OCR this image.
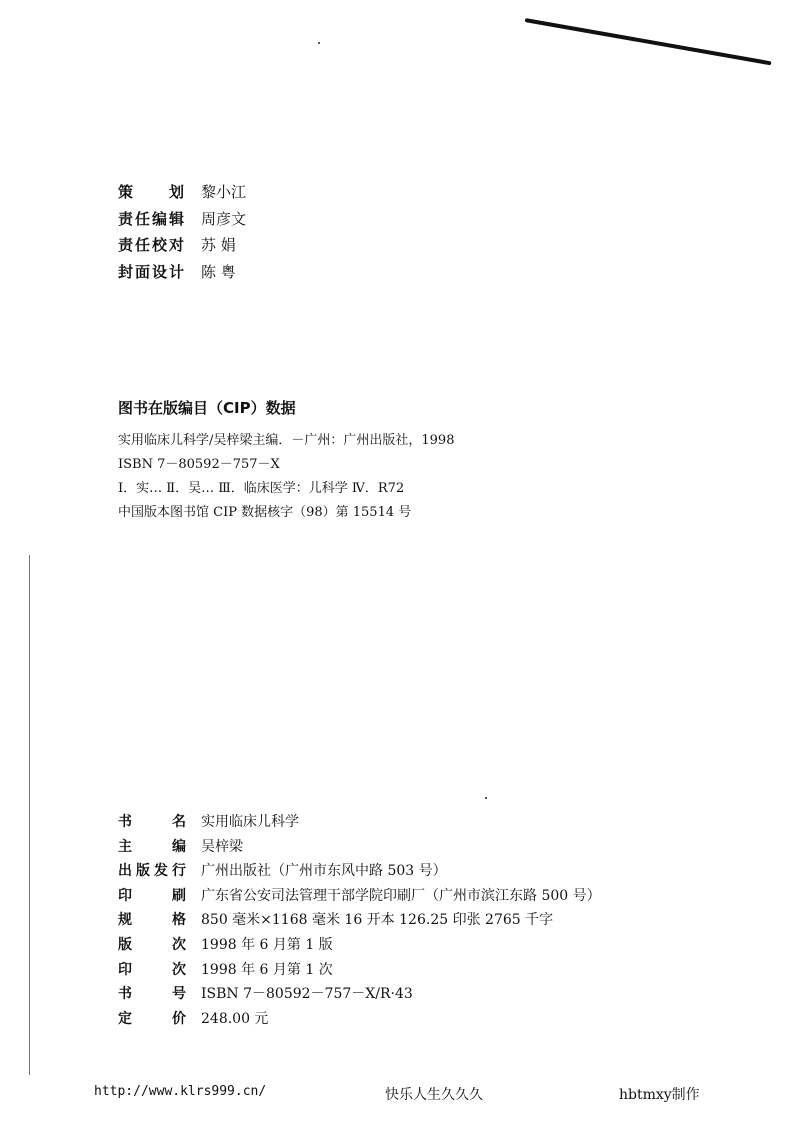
策划 黎小江
责任编辑 周彦文
责任校对 苏 娟
封面设计 陈 粤
图书在版编目（CIP）数据
实用临床儿科学/吴梓梁主编．－广州：广州出版社，1998
ISBN 7－80592－757－X
Ⅰ．实… Ⅱ．吴… Ⅲ．临床医学：儿科学 Ⅳ．R72
中国版本图书馆 CIP 数据核字（98）第 15514 号
书名 实用临床儿科学
主编 吴梓梁
出版发行 广州出版社（广州市东风中路 503 号）
印刷 广东省公安司法管理干部学院印刷厂（广州市滨江东路 500 号）
规格 850 毫米×1168 毫米 16 开本 126.25 印张 2765 千字
版次 1998 年 6 月第 1 版
印次 1998 年 6 月第 1 次
书号 ISBN 7－80592－757－X/R·43
定价 248.00 元
http://www.klrs999.cn/	快乐人生久久久	hbtmxy制作
